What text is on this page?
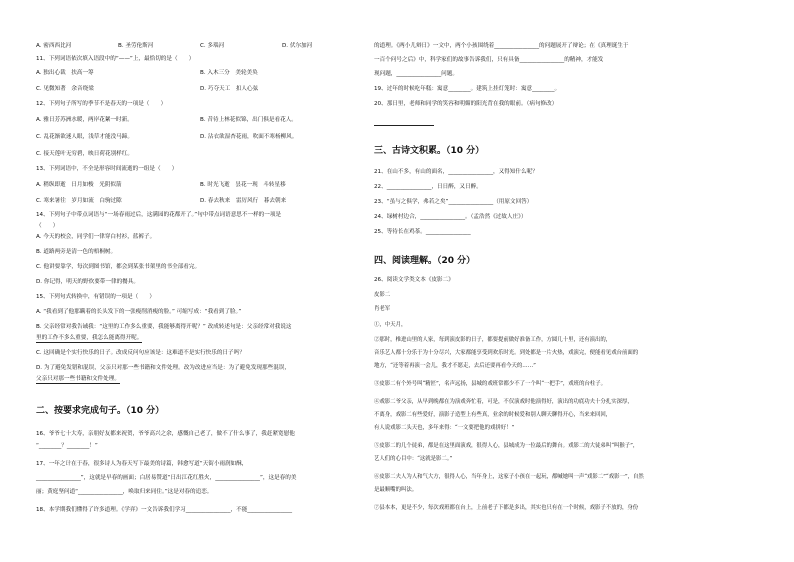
A. 密西西比河	B. 圣劳伦斯河	C. 多瑙河	D. 伏尔加河
11、下列词语依次填入语段中的“——”上，最恰切的是（　　）
A. 独出心裁　扶高一筹	B. 入木三分　美轮美奂
C. 见微知著　余音绕梁	D. 巧夺天工　扣人心弦
12、下列句子所写的季节不是春天的一项是（　　）
A. 雅日芳苏洲水暖，两岸花絮一时新。	B. 昔待上林花似锦，出门俱是看花人。
C. 乱花渐欲迷人眼，浅草才能没马蹄。	D. 沾衣欲湿杏花雨，吹面不寒杨柳风。
C. 接天莲叶无穷碧，映日荷花别样红。
13、下列词语中，不全是形容时间流逝的一组是（　　）
A. 稍纵即逝　日月如梭　光阴似箭	B. 时光飞逝　昙花一现　斗转星移
C. 寒来暑往　岁月如流　白驹过隙	D. 春去秋来　雷厉风行　暮去朝来
14、下列句子中带点词语与“一场春雨过后，这满园的花都开了。”句中带点词语意思不一样的一项是
（　　）
A. 今天的校会，同学们一律穿白衬衫，蓝裤子。
B. 道路两旁是清一色的梧桐树。
C. 他讲要靠学，每次到图书馆，都会到某张书架里的书全部看完。
D. 你记得，明天的野炊要带一律的餐具。
15、下列句式转换中，有错误的一项是（　　）
A. “我看到了他那瞒着的长头发下的一张瘦削消瘦的脸。” 可缩写成：“我看到了脸。”
B. 父亲经常对我告诫我：“这里的工作多么重要，我能够离得开呢？” 改成转述句是：父亲经常对我说这
里的工作不多么重要，我怎么能离得开呢。
C. 这回确是个实行快乐的日子。改成反问句应该是：这难道不是实行快乐的日子吗？
D. 为了避免发错和混误，父亲只对那一些书籍和文件处理。改为改进应当是：为了避免发现那些混误，
父亲只对那一些书籍和文件处理。
二、按要求完成句子。（10 分）
16、爷爷七十大寿，亲朋好友都来祝贺，爷爷高兴之余，感慨自己老了，做不了什么事了，我赶紧宽慰他
“________？________！”
17、一年之计在于春，很多诗人为春天写下最美的诗篇，韩愈写道“天街小雨润如酥，
________________”，这就是早春的画面；白居易赞道“日出江花红胜火，________________”，这是春的美
丽；黄庭坚问道“________________，唤取归来同住。”这是对春的追恋。
18、本学期我们懂得了许多道理。《学弈》一文告诉我们学习________________，不能________________
的道理。《两小儿辩日》一文中，两个小孩围绕着________________的问题展开了辩论；在《真理诞生于
一百个问号之后》中，科学家们的故事告诉我们，只有具备________________的精神，才能发
现问题，________________问题。
19、过年的时候吃年糕：寓意________。建筑上挂灯笼时：寓意________。
20、那日里，老师和同学的笑容和明媚的阳光背在我的眼前。（病句修改）
三、古诗文积累。（10 分）
21、在山不多，有山的面名，________________，又得知什么呢？
22、________________，日日醉，又日醉。
23、“虽与之俱学，弗若之矣”________________（用原文回答）
24、绿树村边合，________________。（孟浩然《过故人庄》）
25、等待长在鸡茶。________________
四、阅读理解。（20 分）
26、阅读文学类文本《皮影二》
皮影二
肖老军
①，中天月，
②那时，椎进山里的人家，每到演皮影的日子，都要提前做好准备工作，方圆几十里，还有演出的，
音乐艺人都十分乐于为十分尽兴，大家都能享受到欢乐时光。到处都是一片火热，戏演完，便能看见戏台前面的
地方，“还等着再演一会儿，我才不愿走，去后还要再看今天的……”
③皮影二有个外号叫“精匠”，名声远扬，县城的戏班常都少不了一个叫“一把手”，戏班的台柱子。
④戏影二爷父亲，从早到晚都在为演戏奔忙着，可是，不仅演戏时他演得好，演出的功底功夫十分扎实深厚，
不离身，戏影二有些爱好，演影子造型上有些真，业余的时候爱和别人聊天聊得开心，当来来回回，
有人说戏影二头天也，多年来得：“一文要把他的戏拼好！”
⑤皮影二的几个徒弟，都是在这里面演戏，很得人心，县城成为一位最后的舞台。戏影二的大徒弟叫“叫猴子”，
艺人们的心目中：“这就是影二。”
⑥皮影二夫人为人和气大方，很得人心，当年身上，这家子小孩在一起玩，都喊她叫一声“戏影二”“戏影一”，自然
是最顺嘴的叫法。
⑦县本本，更是不少，每次戏班都在台上，上前老子下都是多出，其实也只有在一个时候，戏影子不放的，身份
